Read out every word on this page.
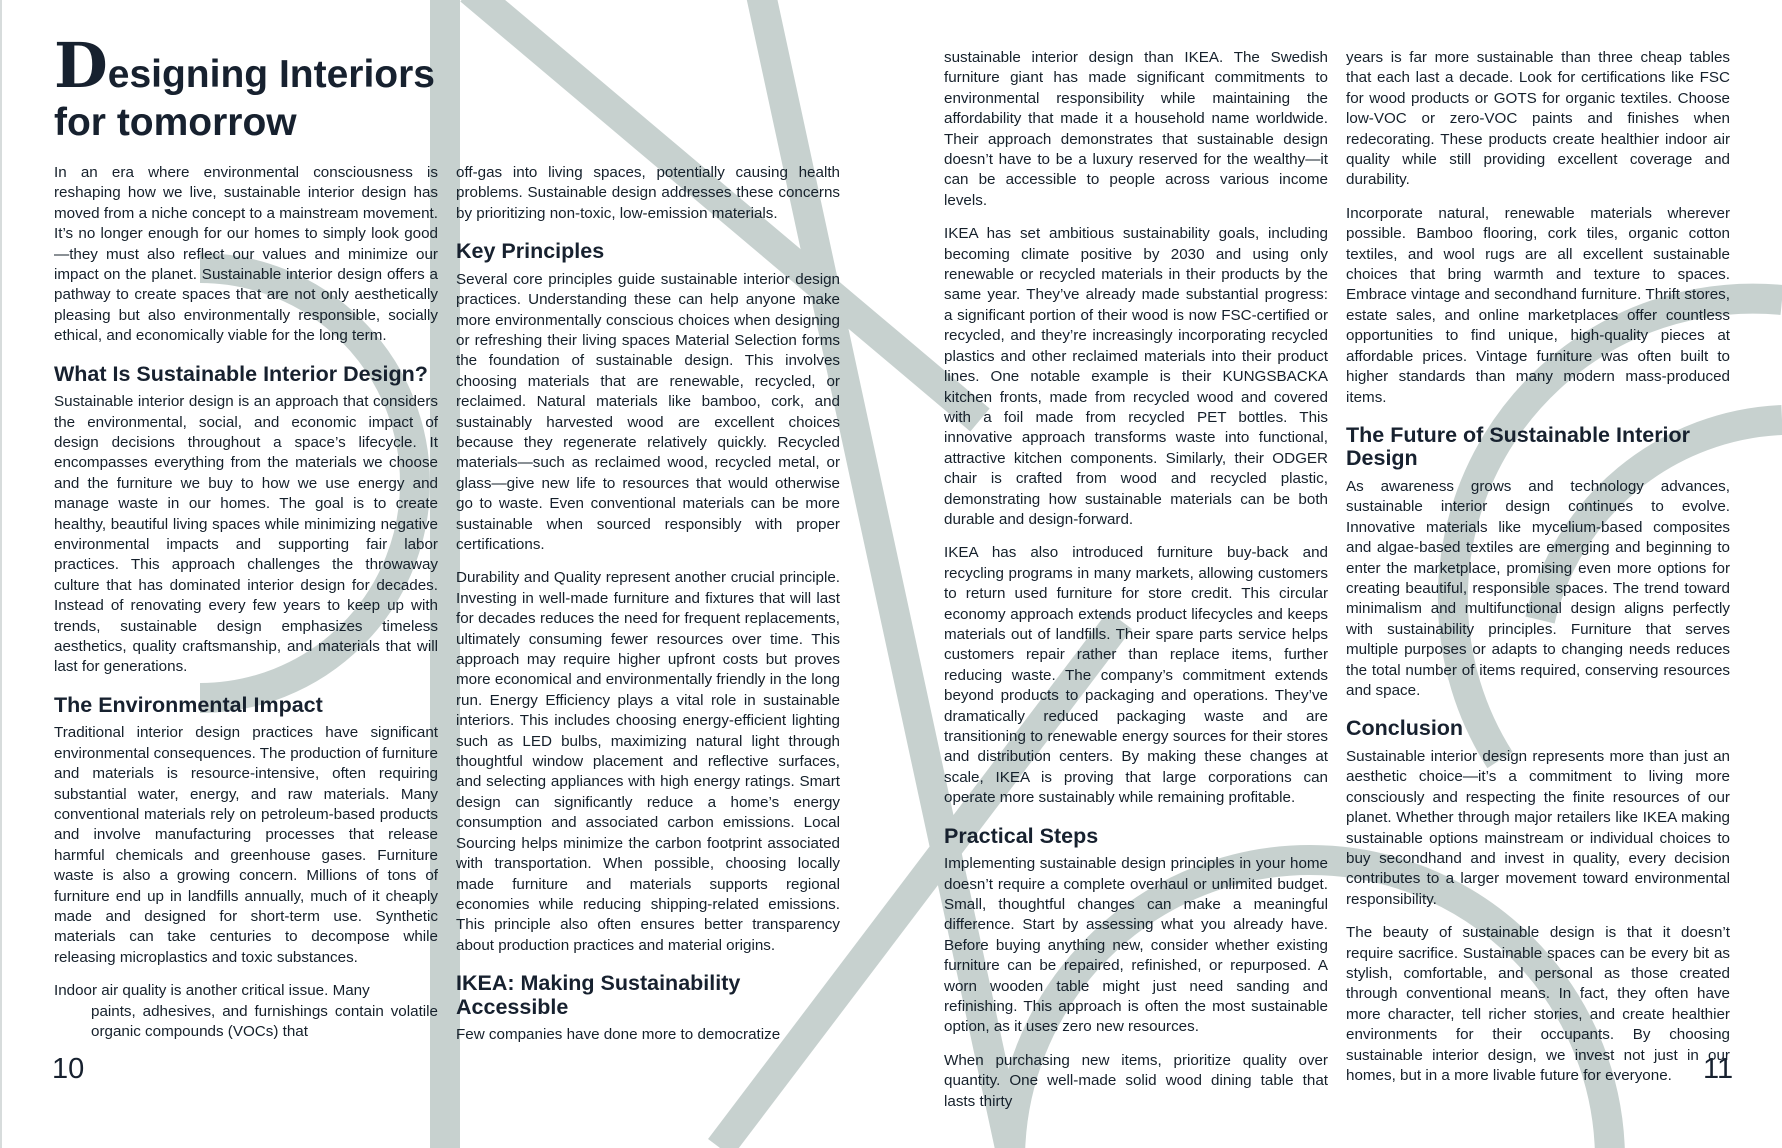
Designing Interiors
for tomorrow

In an era where environmental consciousness is reshaping how we live, sustainable interior design has moved from a niche concept to a mainstream movement. It’s no longer enough for our homes to simply look good—they must also reflect our values and minimize our impact on the planet. Sustainable interior design offers a pathway to create spaces that are not only aesthetically pleasing but also environmentally responsible, socially ethical, and economically viable for the long term.

What Is Sustainable Interior Design?

Sustainable interior design is an approach that considers the environmental, social, and economic impact of design decisions throughout a space’s lifecycle. It encompasses everything from the materials we choose and the furniture we buy to how we use energy and manage waste in our homes. The goal is to create healthy, beautiful living spaces while minimizing negative environmental impacts and supporting fair labor practices. This approach challenges the throwaway culture that has dominated interior design for decades. Instead of renovating every few years to keep up with trends, sustainable design emphasizes timeless aesthetics, quality craftsmanship, and materials that will last for generations.

The Environmental Impact

Traditional interior design practices have significant environmental consequences. The production of furniture and materials is resource-intensive, often requiring substantial water, energy, and raw materials. Many conventional materials rely on petroleum-based products and involve manufacturing processes that release harmful chemicals and greenhouse gases. Furniture waste is also a growing concern. Millions of tons of furniture end up in landfills annually, much of it cheaply made and designed for short-term use. Synthetic materials can take centuries to decompose while releasing microplastics and toxic substances.

Indoor air quality is another critical issue. Many
paints, adhesives, and furnishings contain volatile organic compounds (VOCs) that

10

off-gas into living spaces, potentially causing health problems. Sustainable design addresses these concerns by prioritizing non-toxic, low-emission materials.

Key Principles

Several core principles guide sustainable interior design practices. Understanding these can help anyone make more environmentally conscious choices when designing or refreshing their living spaces Material Selection forms the foundation of sustainable design. This involves choosing materials that are renewable, recycled, or reclaimed. Natural materials like bamboo, cork, and sustainably harvested wood are excellent choices because they regenerate relatively quickly. Recycled materials—such as reclaimed wood, recycled metal, or glass—give new life to resources that would otherwise go to waste. Even conventional materials can be more sustainable when sourced responsibly with proper certifications.

Durability and Quality represent another crucial principle. Investing in well-made furniture and fixtures that will last for decades reduces the need for frequent replacements, ultimately consuming fewer resources over time. This approach may require higher upfront costs but proves more economical and environmentally friendly in the long run. Energy Efficiency plays a vital role in sustainable interiors. This includes choosing energy-efficient lighting such as LED bulbs, maximizing natural light through thoughtful window placement and reflective surfaces, and selecting appliances with high energy ratings. Smart design can significantly reduce a home’s energy consumption and associated carbon emissions. Local Sourcing helps minimize the carbon footprint associated with transportation. When possible, choosing locally made furniture and materials supports regional economies while reducing shipping-related emissions. This principle also often ensures better transparency about production practices and material origins.

IKEA: Making Sustainability Accessible

Few companies have done more to democratize

sustainable interior design than IKEA. The Swedish furniture giant has made significant commitments to environmental responsibility while maintaining the affordability that made it a household name worldwide. Their approach demonstrates that sustainable design doesn’t have to be a luxury reserved for the wealthy—it can be accessible to people across various income levels.

IKEA has set ambitious sustainability goals, including becoming climate positive by 2030 and using only renewable or recycled materials in their products by the same year. They’ve already made substantial progress: a significant portion of their wood is now FSC-certified or recycled, and they’re increasingly incorporating recycled plastics and other reclaimed materials into their product lines. One notable example is their KUNGSBACKA kitchen fronts, made from recycled wood and covered with a foil made from recycled PET bottles. This innovative approach transforms waste into functional, attractive kitchen components. Similarly, their ODGER chair is crafted from wood and recycled plastic, demonstrating how sustainable materials can be both durable and design-forward.

IKEA has also introduced furniture buy-back and recycling programs in many markets, allowing customers to return used furniture for store credit. This circular economy approach extends product lifecycles and keeps materials out of landfills. Their spare parts service helps customers repair rather than replace items, further reducing waste. The company’s commitment extends beyond products to packaging and operations. They’ve dramatically reduced packaging waste and are transitioning to renewable energy sources for their stores and distribution centers. By making these changes at scale, IKEA is proving that large corporations can operate more sustainably while remaining profitable.

Practical Steps

Implementing sustainable design principles in your home doesn’t require a complete overhaul or unlimited budget. Small, thoughtful changes can make a meaningful difference. Start by assessing what you already have. Before buying anything new, consider whether existing furniture can be repaired, refinished, or repurposed. A worn wooden table might just need sanding and refinishing. This approach is often the most sustainable option, as it uses zero new resources.

When purchasing new items, prioritize quality over quantity. One well-made solid wood dining table that lasts thirty

years is far more sustainable than three cheap tables that each last a decade. Look for certifications like FSC for wood products or GOTS for organic textiles. Choose low-VOC or zero-VOC paints and finishes when redecorating. These products create healthier indoor air quality while still providing excellent coverage and durability.

Incorporate natural, renewable materials wherever possible. Bamboo flooring, cork tiles, organic cotton textiles, and wool rugs are all excellent sustainable choices that bring warmth and texture to spaces. Embrace vintage and secondhand furniture. Thrift stores, estate sales, and online marketplaces offer countless opportunities to find unique, high-quality pieces at affordable prices. Vintage furniture was often built to higher standards than many modern mass-produced items.

The Future of Sustainable Interior Design

As awareness grows and technology advances, sustainable interior design continues to evolve. Innovative materials like mycelium-based composites and algae-based textiles are emerging and beginning to enter the marketplace, promising even more options for creating beautiful, responsible spaces. The trend toward minimalism and multifunctional design aligns perfectly with sustainability principles. Furniture that serves multiple purposes or adapts to changing needs reduces the total number of items required, conserving resources and space.

Conclusion

Sustainable interior design represents more than just an aesthetic choice—it’s a commitment to living more consciously and respecting the finite resources of our planet. Whether through major retailers like IKEA making sustainable options mainstream or individual choices to buy secondhand and invest in quality, every decision contributes to a larger movement toward environmental responsibility.

The beauty of sustainable design is that it doesn’t require sacrifice. Sustainable spaces can be every bit as stylish, comfortable, and personal as those created through conventional means. In fact, they often have more character, tell richer stories, and create healthier environments for their occupants. By choosing sustainable interior design, we invest not just in our homes, but in a more livable future for everyone.	11
